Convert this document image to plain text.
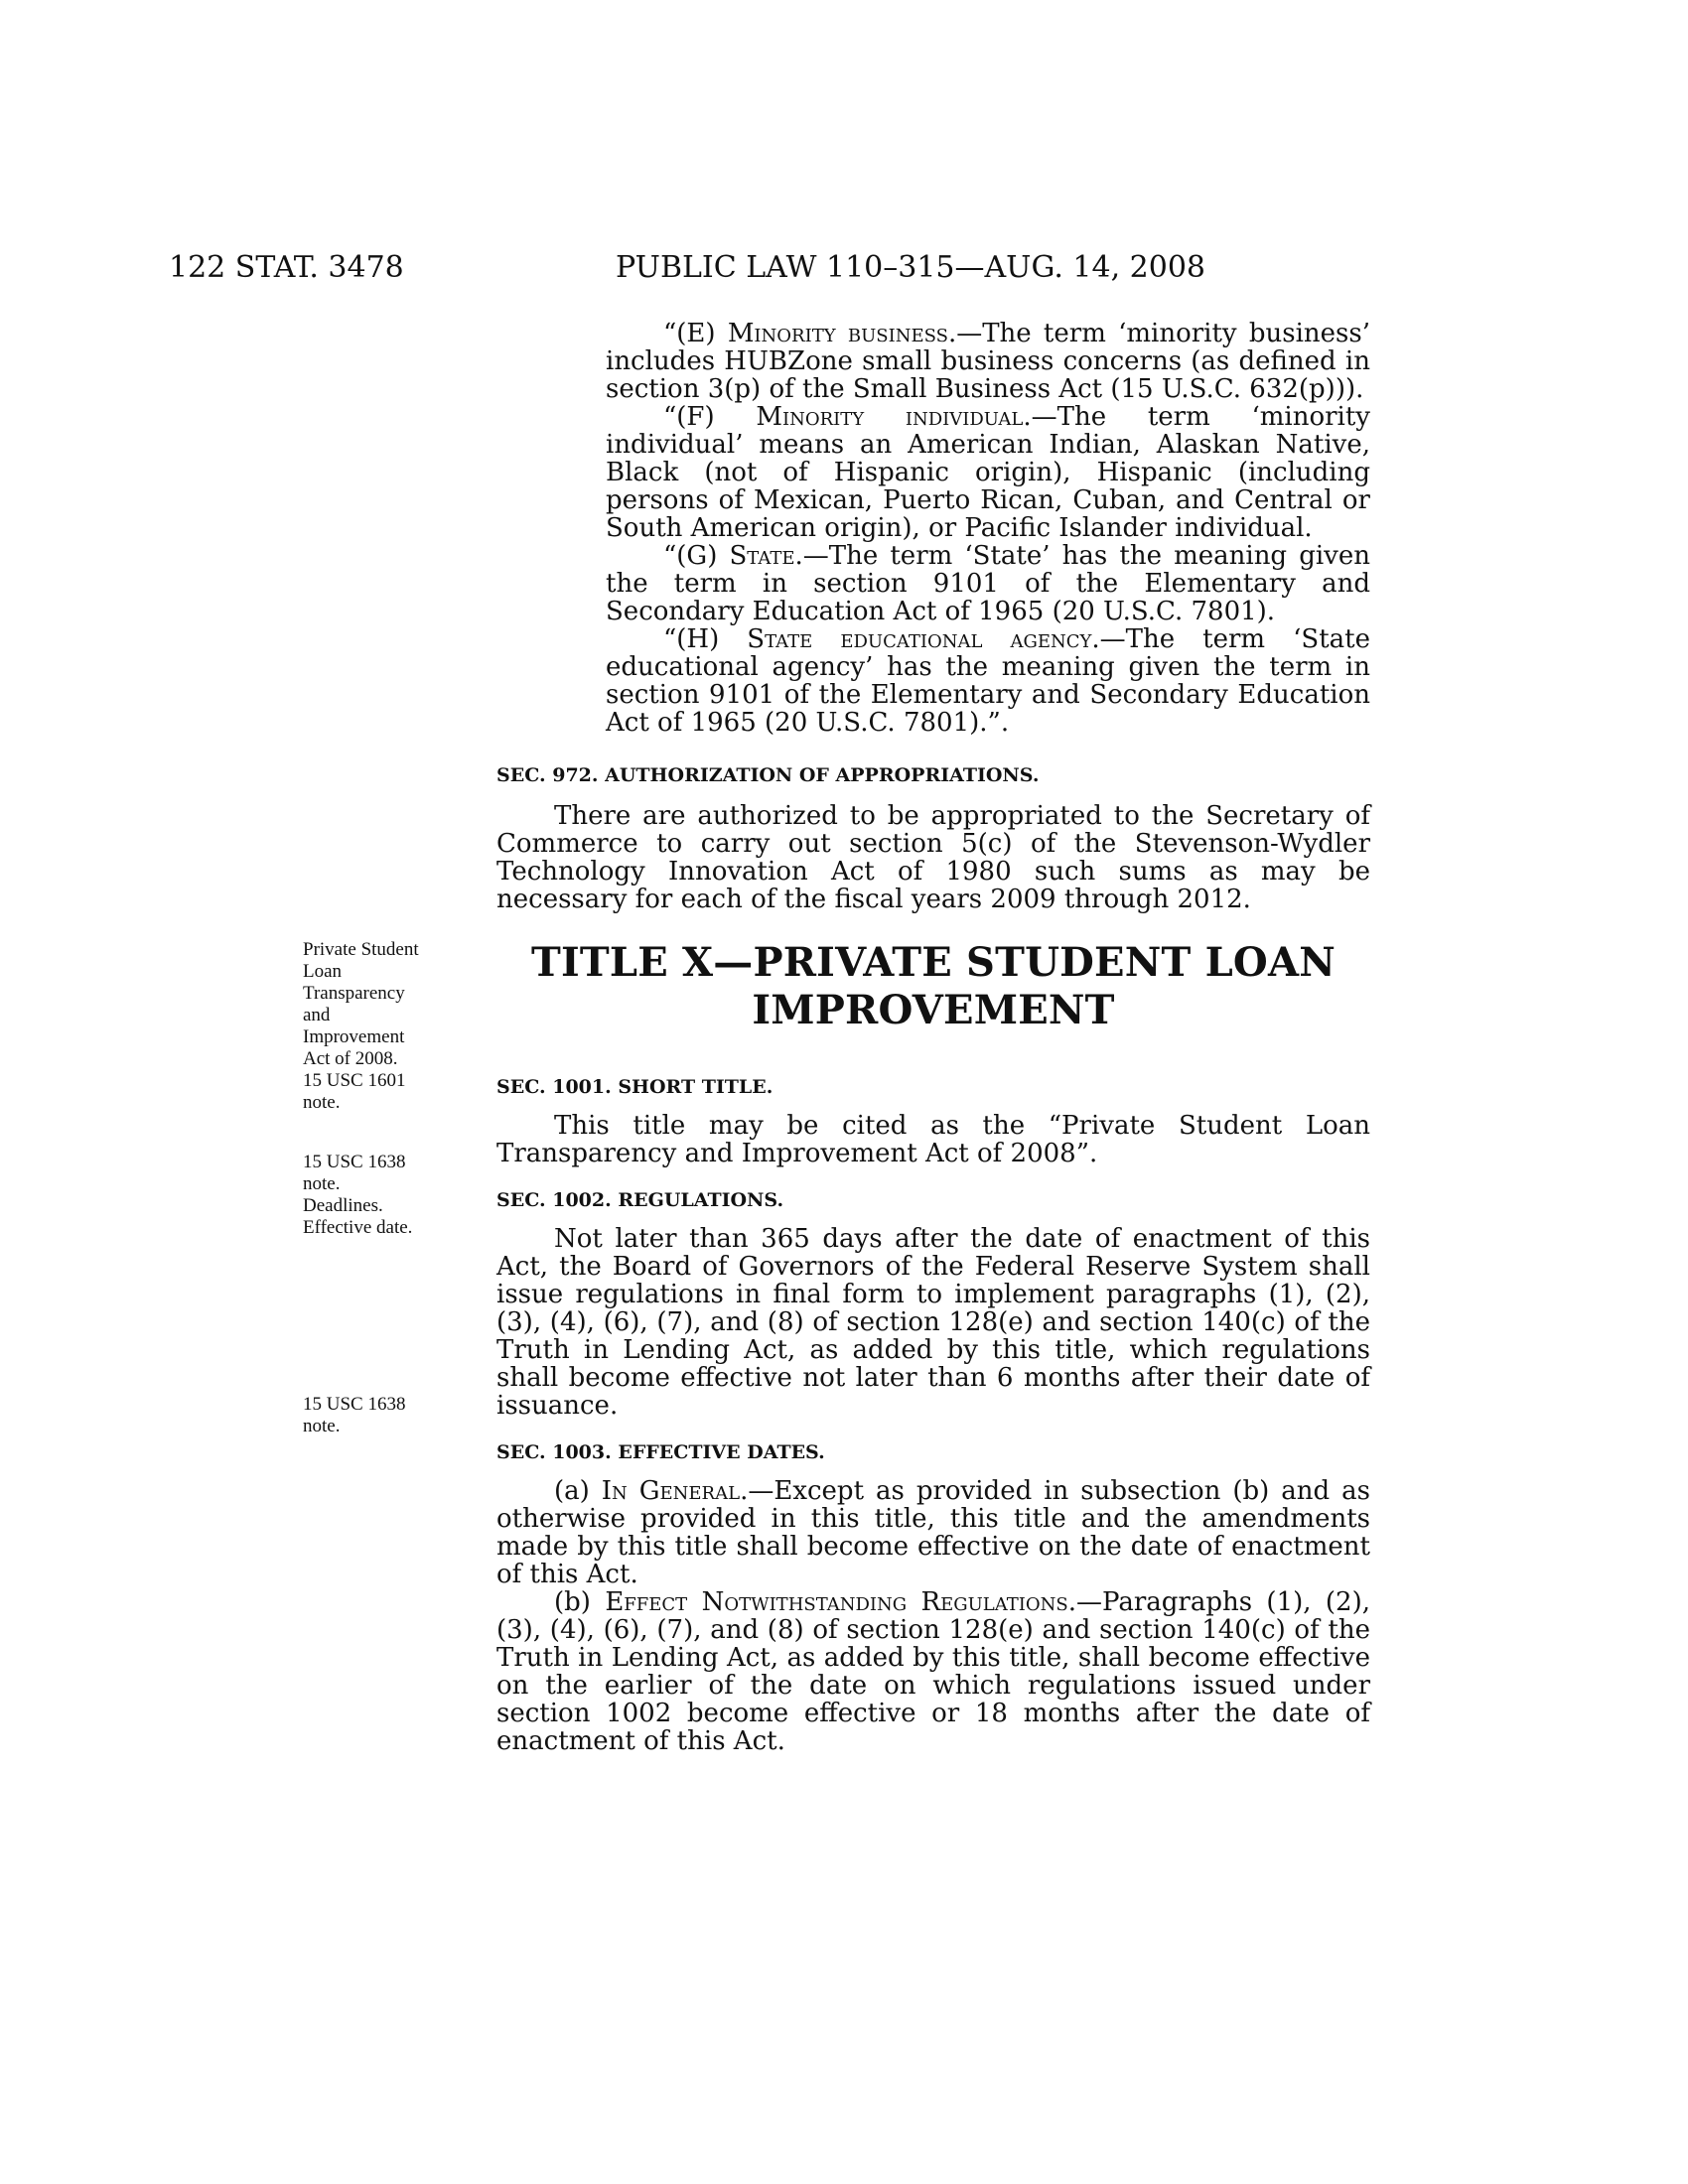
122 STAT. 3478	PUBLIC LAW 110–315—AUG. 14, 2008

“(E) Minority business.—The term ‘minority business’ includes HUBZone small business concerns (as defined in section 3(p) of the Small Business Act (15 U.S.C. 632(p))).

“(F) Minority individual.—The term ‘minority individual’ means an American Indian, Alaskan Native, Black (not of Hispanic origin), Hispanic (including persons of Mexican, Puerto Rican, Cuban, and Central or South American origin), or Pacific Islander individual.

“(G) State.—The term ‘State’ has the meaning given the term in section 9101 of the Elementary and Secondary Education Act of 1965 (20 U.S.C. 7801).

“(H) State educational agency.—The term ‘State educational agency’ has the meaning given the term in section 9101 of the Elementary and Secondary Education Act of 1965 (20 U.S.C. 7801).”.

SEC. 972. AUTHORIZATION OF APPROPRIATIONS.

There are authorized to be appropriated to the Secretary of Commerce to carry out section 5(c) of the Stevenson-Wydler Technology Innovation Act of 1980 such sums as may be necessary for each of the fiscal years 2009 through 2012.

TITLE X—PRIVATE STUDENT LOAN

IMPROVEMENT

SEC. 1001. SHORT TITLE.

This title may be cited as the “Private Student Loan Transparency and Improvement Act of 2008”.

SEC. 1002. REGULATIONS.

Not later than 365 days after the date of enactment of this Act, the Board of Governors of the Federal Reserve System shall issue regulations in final form to implement paragraphs (1), (2), (3), (4), (6), (7), and (8) of section 128(e) and section 140(c) of the Truth in Lending Act, as added by this title, which regulations shall become effective not later than 6 months after their date of issuance.

SEC. 1003. EFFECTIVE DATES.

(a) In General.—Except as provided in subsection (b) and as otherwise provided in this title, this title and the amendments made by this title shall become effective on the date of enactment of this Act.

(b) Effect Notwithstanding Regulations.—Paragraphs (1), (2), (3), (4), (6), (7), and (8) of section 128(e) and section 140(c) of the Truth in Lending Act, as added by this title, shall become effective on the earlier of the date on which regulations issued under section 1002 become effective or 18 months after the date of enactment of this Act.

Private Student
Loan
Transparency
and
Improvement
Act of 2008.
15 USC 1601
note.
15 USC 1638
note.
Deadlines.
Effective date.
15 USC 1638
note.
